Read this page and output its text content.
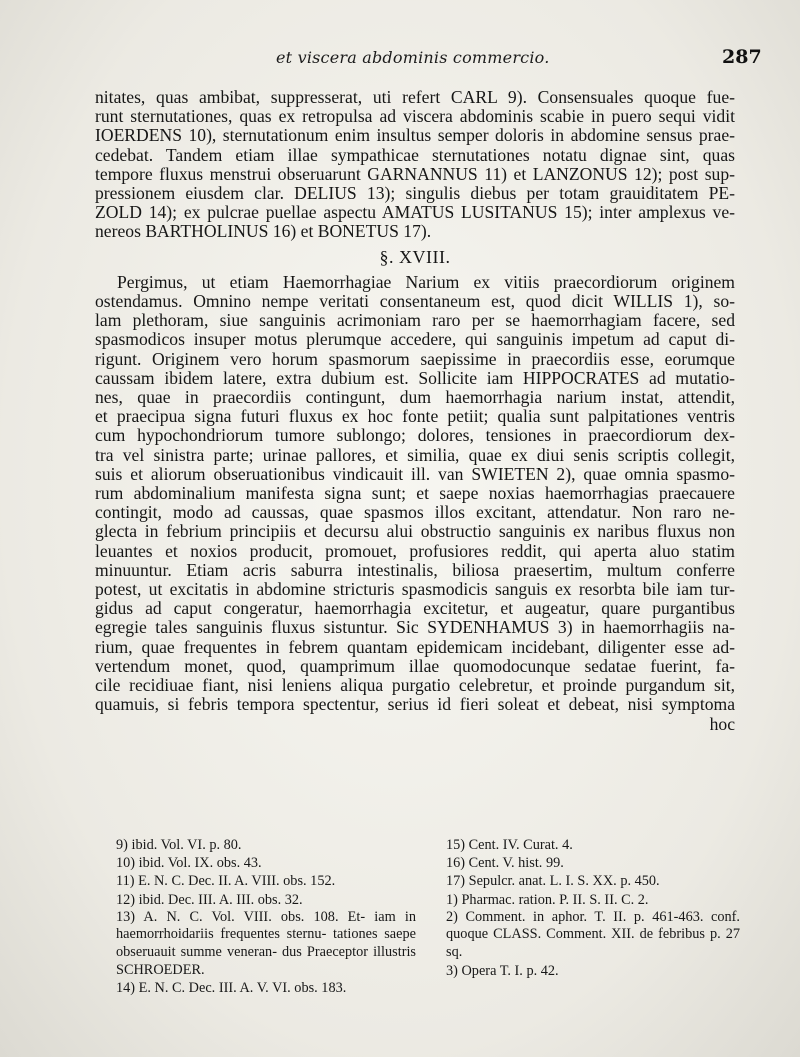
et viscera abdominis commercio.	287
nitates, quas ambibat, suppresserat, uti refert CARL 9). Consensuales quoque fue-
runt sternutationes, quas ex retropulsa ad viscera abdominis scabie in puero sequi vidit
IOERDENS 10), sternutationum enim insultus semper doloris in abdomine sensus prae-
cedebat. Tandem etiam illae sympathicae sternutationes notatu dignae sint, quas
tempore fluxus menstrui obseruarunt GARNANNUS 11) et LANZONUS 12); post sup-
pressionem eiusdem clar. DELIUS 13); singulis diebus per totam grauiditatem PE-
ZOLD 14); ex pulcrae puellae aspectu AMATUS LUSITANUS 15); inter amplexus ve-
nereos BARTHOLINUS 16) et BONETUS 17).
§. XVIII.
Pergimus, ut etiam Haemorrhagiae Narium ex vitiis praecordiorum originem
ostendamus. Omnino nempe veritati consentaneum est, quod dicit WILLIS 1), so-
lam plethoram, siue sanguinis acrimoniam raro per se haemorrhagiam facere, sed
spasmodicos insuper motus plerumque accedere, qui sanguinis impetum ad caput di-
rigunt. Originem vero horum spasmorum saepissime in praecordiis esse, eorumque
caussam ibidem latere, extra dubium est. Sollicite iam HIPPOCRATES ad mutatio-
nes, quae in praecordiis contingunt, dum haemorrhagia narium instat, attendit,
et praecipua signa futuri fluxus ex hoc fonte petiit; qualia sunt palpitationes ventris
cum hypochondriorum tumore sublongo; dolores, tensiones in praecordiorum dex-
tra vel sinistra parte; urinae pallores, et similia, quae ex diui senis scriptis collegit,
suis et aliorum obseruationibus vindicauit ill. van SWIETEN 2), quae omnia spasmo-
rum abdominalium manifesta signa sunt; et saepe noxias haemorrhagias praecauere
contingit, modo ad caussas, quae spasmos illos excitant, attendatur. Non raro ne-
glecta in febrium principiis et decursu alui obstructio sanguinis ex naribus fluxus non
leuantes et noxios producit, promouet, profusiores reddit, qui aperta aluo statim
minuuntur. Etiam acris saburra intestinalis, biliosa praesertim, multum conferre
potest, ut excitatis in abdomine stricturis spasmodicis sanguis ex resorbta bile iam tur-
gidus ad caput congeratur, haemorrhagia excitetur, et augeatur, quare purgantibus
egregie tales sanguinis fluxus sistuntur. Sic SYDENHAMUS 3) in haemorrhagiis na-
rium, quae frequentes in febrem quantam epidemicam incidebant, diligenter esse ad-
vertendum monet, quod, quamprimum illae quomodocunque sedatae fuerint, fa-
cile recidiuae fiant, nisi leniens aliqua purgatio celebretur, et proinde purgandum sit,
quamuis, si febris tempora spectentur, serius id fieri soleat et debeat, nisi symptoma
hoc
9) ibid. Vol. VI. p. 80.
10) ibid. Vol. IX. obs. 43.
11) E. N. C. Dec. II. A. VIII. obs. 152.
12) ibid. Dec. III. A. III. obs. 32.
13) A. N. C. Vol. VIII. obs. 108. Et- iam in haemorrhoidariis frequentes sternu- tationes saepe obseruauit summe veneran- dus Praeceptor illustris SCHROEDER.
14) E. N. C. Dec. III. A. V. VI. obs. 183.
15) Cent. IV. Curat. 4.
16) Cent. V. hist. 99.
17) Sepulcr. anat. L. I. S. XX. p. 450.
1) Pharmac. ration. P. II. S. II. C. 2.
2) Comment. in aphor. T. II. p. 461-463. conf. quoque CLASS. Comment. XII. de febribus p. 27 sq.
3) Opera T. I. p. 42.
